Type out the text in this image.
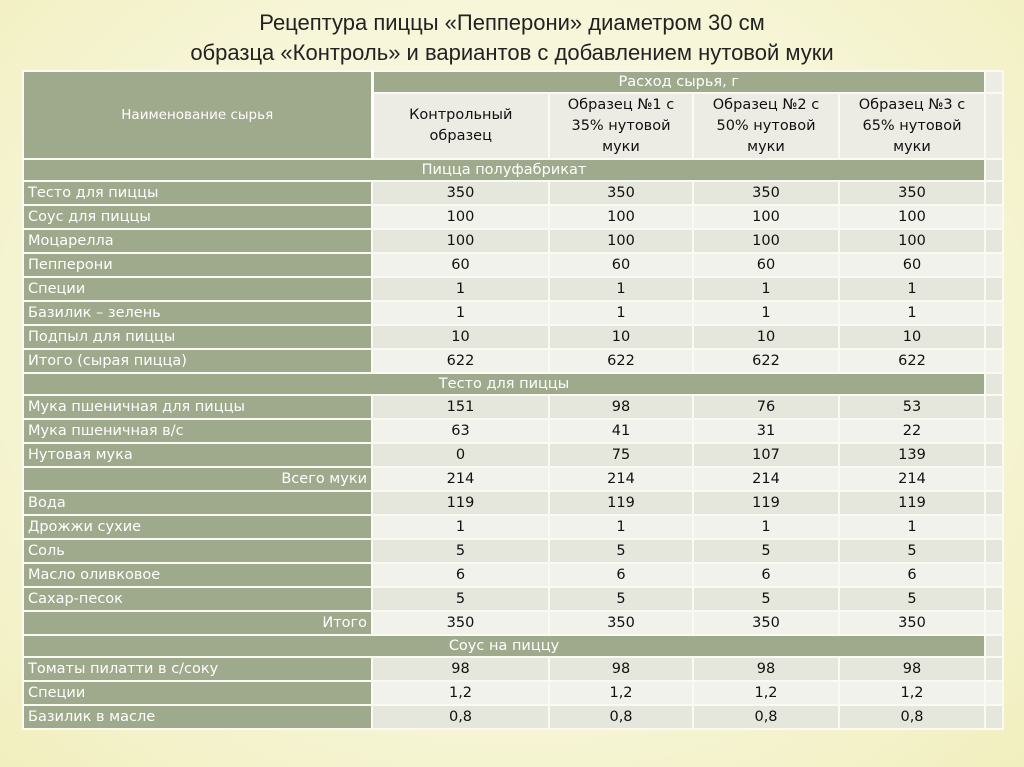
Рецептура пиццы «Пепперони» диаметром 30 см
образца «Контроль» и вариантов с добавлением нутовой муки
Наименование сырья	Расход сырья, г				
	Контрольный образец	Образец №1 с 35% нутовой муки	Образец №2 с 50% нутовой муки	Образец №3 с 65% нутовой муки	
Пицца полуфабрикат					
Тесто для пиццы	350	350	350	350	
Соус для пиццы	100	100	100	100	
Моцарелла	100	100	100	100	
Пепперони	60	60	60	60	
Специи	1	1	1	1	
Базилик – зелень	1	1	1	1	
Подпыл для пиццы	10	10	10	10	
Итого (сырая пицца)	622	622	622	622	
Тесто для пиццы					
Мука пшеничная для пиццы	151	98	76	53	
Мука пшеничная в/с	63	41	31	22	
Нутовая мука	0	75	107	139	
Всего муки	214	214	214	214	
Вода	119	119	119	119	
Дрожжи сухие	1	1	1	1	
Соль	5	5	5	5	
Масло оливковое	6	6	6	6	
Сахар-песок	5	5	5	5	
Итого	350	350	350	350	
Соус на пиццу					
Томаты пилатти в с/соку	98	98	98	98	
Специи	1,2	1,2	1,2	1,2	
Базилик в масле	0,8	0,8	0,8	0,8	
